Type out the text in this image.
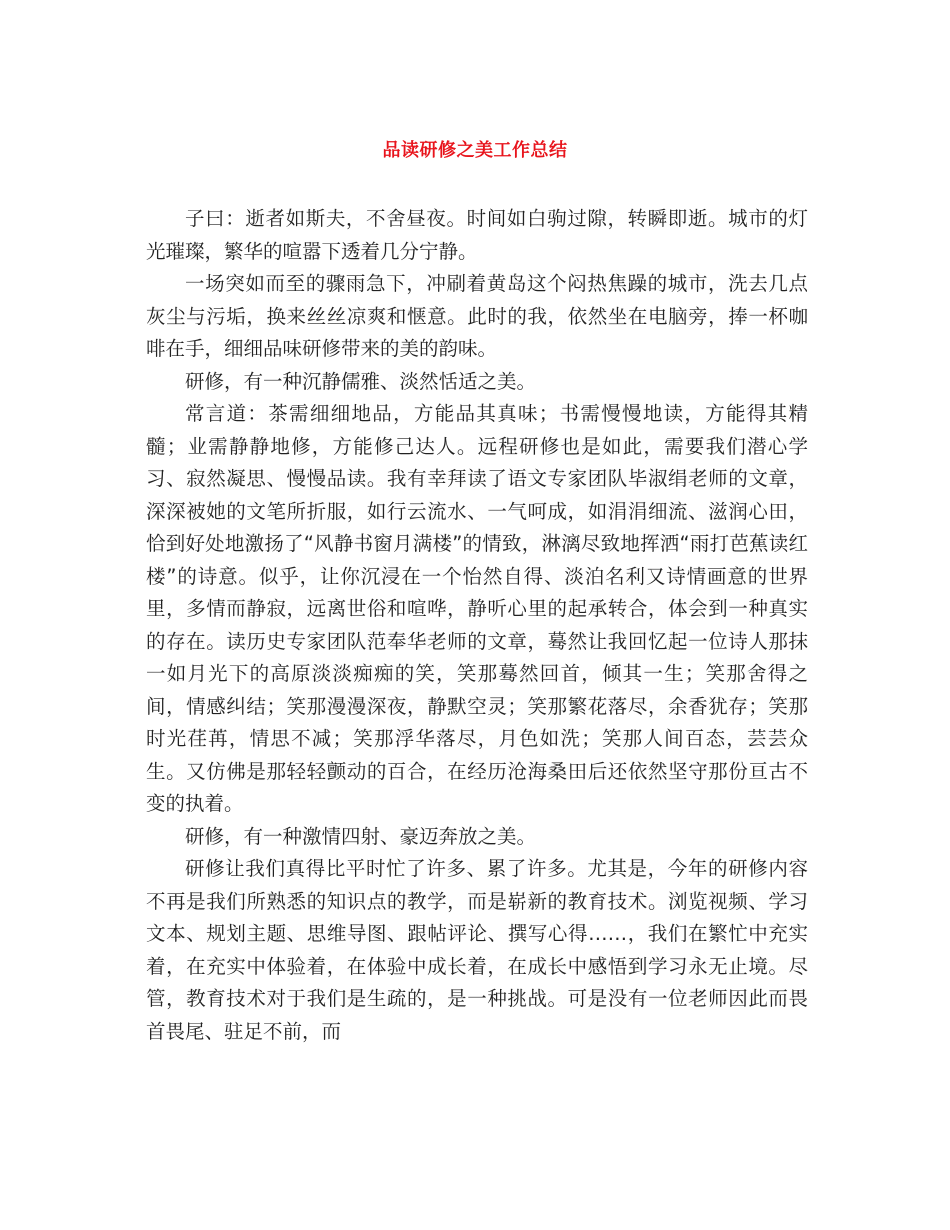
品读研修之美工作总结

子曰：逝者如斯夫，不舍昼夜。时间如白驹过隙，转瞬即逝。城市的灯光璀璨，繁华的喧嚣下透着几分宁静。

一场突如而至的骤雨急下，冲刷着黄岛这个闷热焦躁的城市，洗去几点灰尘与污垢，换来丝丝凉爽和惬意。此时的我，依然坐在电脑旁，捧一杯咖啡在手，细细品味研修带来的美的韵味。

研修，有一种沉静儒雅、淡然恬适之美。

常言道：茶需细细地品，方能品其真味；书需慢慢地读，方能得其精髓；业需静静地修，方能修己达人。远程研修也是如此，需要我们潜心学习、寂然凝思、慢慢品读。我有幸拜读了语文专家团队毕淑绢老师的文章，深深被她的文笔所折服，如行云流水、一气呵成，如涓涓细流、滋润心田，恰到好处地激扬了“风静书窗月满楼”的情致，淋漓尽致地挥洒“雨打芭蕉读红楼”的诗意。似乎，让你沉浸在一个怡然自得、淡泊名利又诗情画意的世界里，多情而静寂，远离世俗和喧哗，静听心里的起承转合，体会到一种真实的存在。读历史专家团队范奉华老师的文章，蓦然让我回忆起一位诗人那抹一如月光下的高原淡淡痴痴的笑，笑那蓦然回首，倾其一生；笑那舍得之间，情感纠结；笑那漫漫深夜，静默空灵；笑那繁花落尽，余香犹存；笑那时光荏苒，情思不减；笑那浮华落尽，月色如洗；笑那人间百态，芸芸众生。又仿佛是那轻轻颤动的百合，在经历沧海桑田后还依然坚守那份亘古不变的执着。

研修，有一种激情四射、豪迈奔放之美。

研修让我们真得比平时忙了许多、累了许多。尤其是，今年的研修内容不再是我们所熟悉的知识点的教学，而是崭新的教育技术。浏览视频、学习文本、规划主题、思维导图、跟帖评论、撰写心得……，我们在繁忙中充实着，在充实中体验着，在体验中成长着，在成长中感悟到学习永无止境。尽管，教育技术对于我们是生疏的，是一种挑战。可是没有一位老师因此而畏首畏尾、驻足不前，而
